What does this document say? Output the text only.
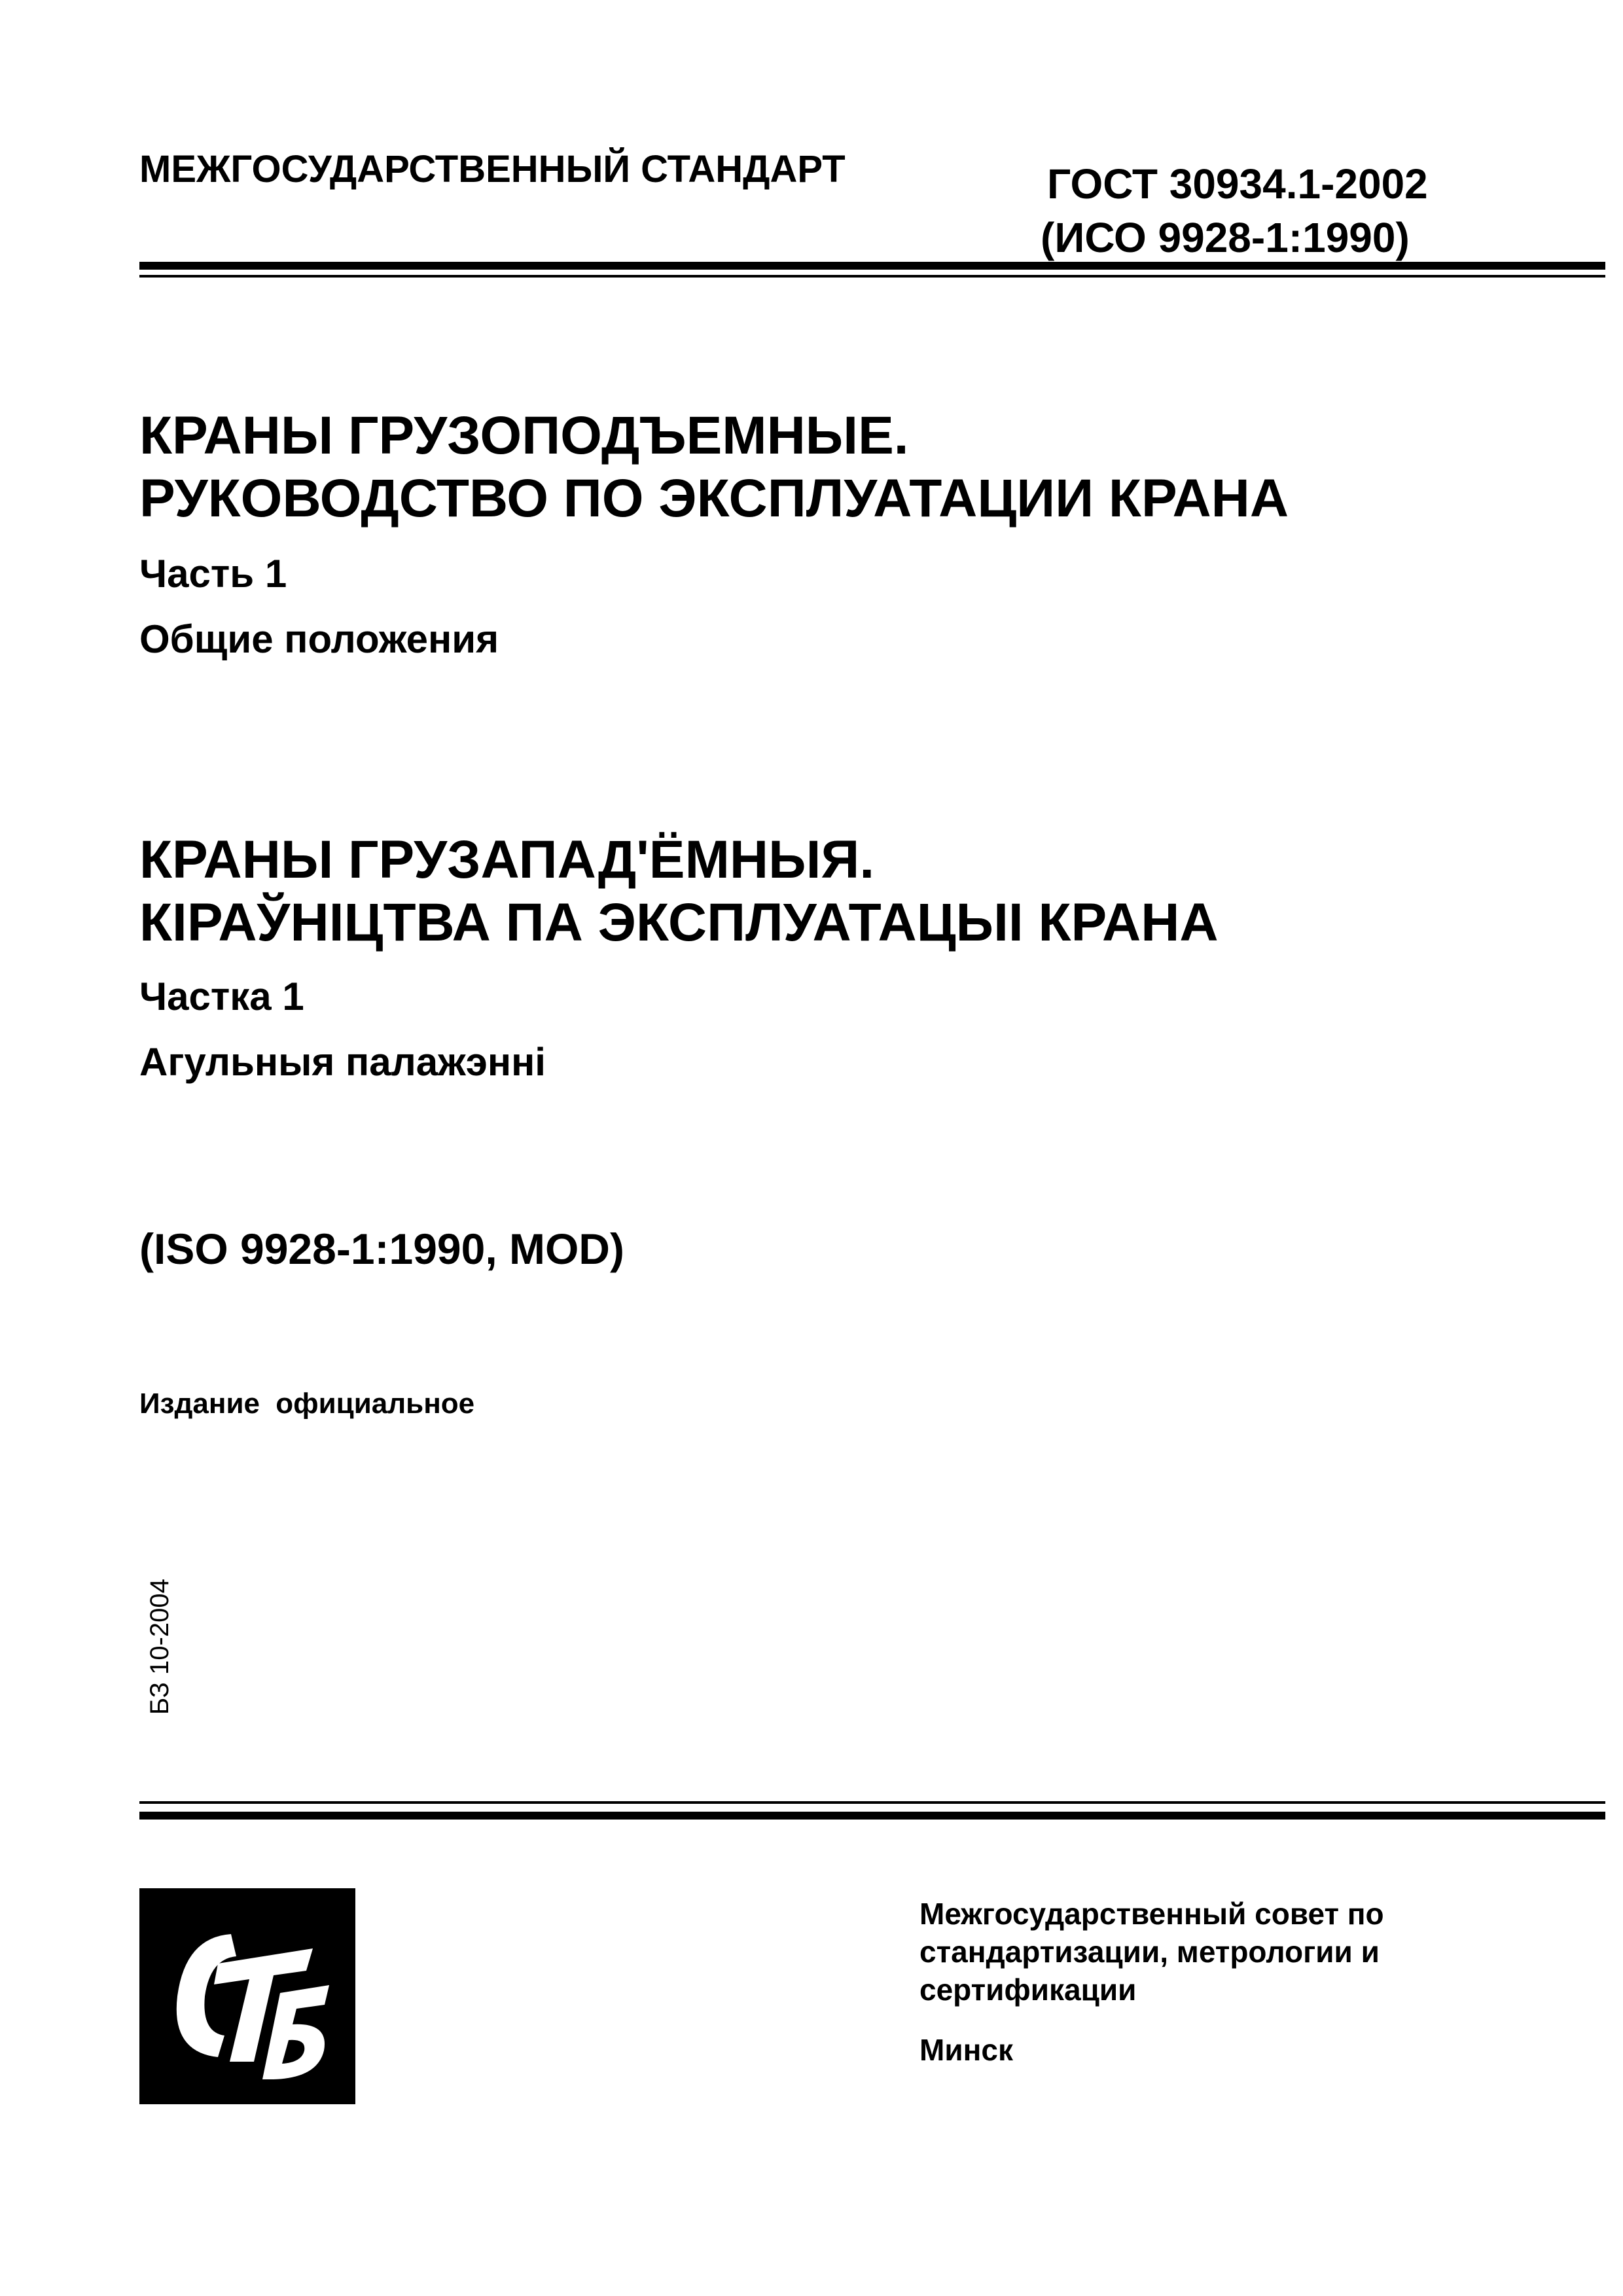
МЕЖГОСУДАРСТВЕННЫЙ СТАНДАРТ	ГОСТ 30934.1-2002
(ИСО 9928-1:1990)
КРАНЫ ГРУЗОПОДЪЕМНЫЕ.
РУКОВОДСТВО ПО ЭКСПЛУАТАЦИИ КРАНА
Часть 1
Общие положения
КРАНЫ ГРУЗАПАД'ЁМНЫЯ.
КІРАЎНІЦТВА ПА ЭКСПЛУАТАЦЫІ КРАНА
Частка 1
Агульныя палажэнні
(ISO 9928-1:1990, MOD)
Издание официальное
БЗ 10-2004
Межгосударственный совет по
стандартизации, метрологии и
сертификации
Минск
